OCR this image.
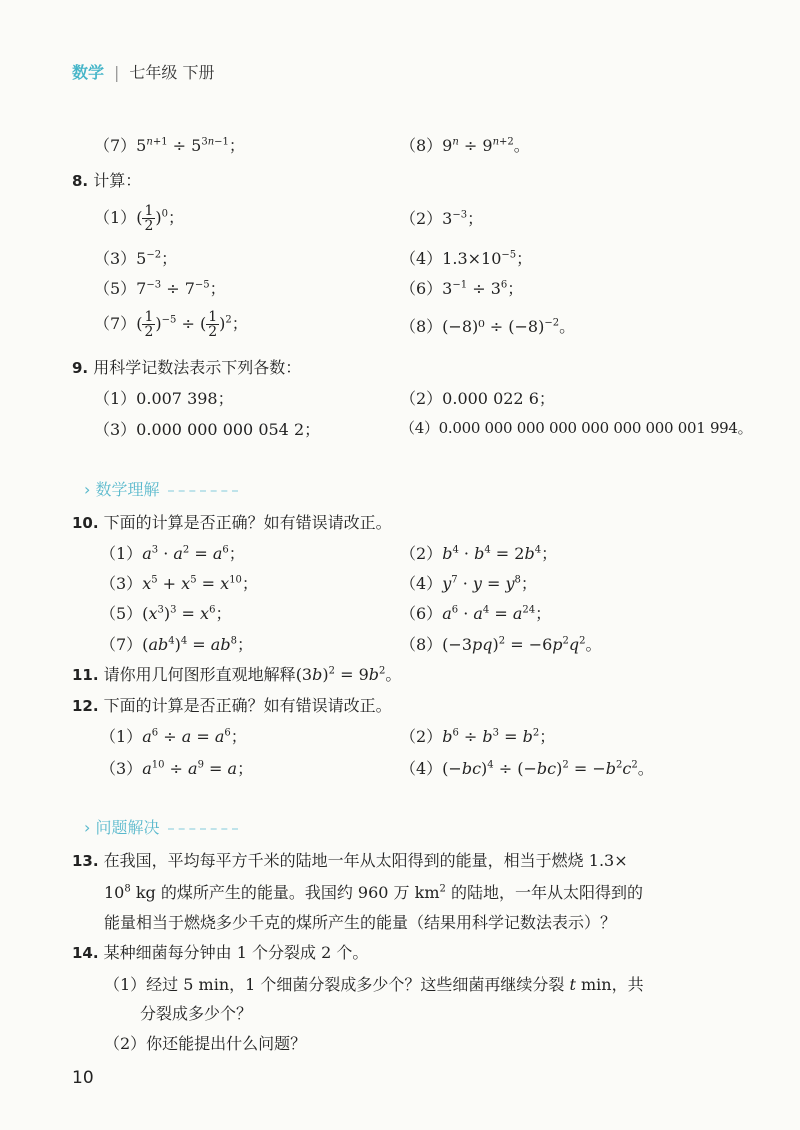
数学 | 七年级 下册
$(7)5^{n+1} \div 5^{3n-1}$；	$(8)9^n \div 9^{n+2}$。
8. 计算：
$(1)( \frac{1}{2} )^0$；	$(2)3^{-3}$；
$(3)5^{-2}$；	$(4)1.3\times 10^{-5}$；
$(5)7^{-3} \div 7^{-5}$；	$(6)3^{-1} \div 3^6$；
$(7)( \frac{1}{2} )^{-5}$ ÷ ( $\frac{1}{2} )^2$；	$(8)(-8)^0 \div (-8)^{-2}$。
9. 用科学记数法表示下列各数：
（1）0.007 398；	（2）0.000 022 6；
（3）0.000 000 000 054 2；	（4）0.000 000 000 000 000 000 000 001 994。
› 数学理解
10. 下面的计算是否正确？如有错误请改正。
$(1)a^3 \cdot a^2 = a^6$；	$(2)b^4 \cdot b^4 = 2b^4$；
$(3)x^5 + x^5 = x^{10}$；	$(4)y^7 \cdot y = y^8$；
$(5)(x^3)^3 = x^6$；	$(6)a^6 \cdot a^4 = a^{24}$；
$(7)(ab^4)^4 = ab^8$；	$(8)(-3pq)^2 = -6p^2q^2$。
11. 请你用几何图形直观地解释$(3b)^2 = 9b^2$。
12. 下面的计算是否正确？如有错误请改正。
$(1)a^6 \div a = a^6$；	$(2)b^6 \div b^3 = b^2$；
$(3)a^{10} \div a^9 = a$；	$(4)(-bc)^4 \div (-bc)^2 = -b^2c^2$。
› 问题解决
13. 在我国，平均每平方千米的陆地一年从太阳得到的能量，相当于燃烧 1.3×
$10^8$ kg 的煤所产生的能量。我国约 960 万 $km^2$ 的陆地，一年从太阳得到的
能量相当于燃烧多少千克的煤所产生的能量（结果用科学记数法表示）？
14. 某种细菌每分钟由 1 个分裂成 2 个。
（1）经过 5 min，1 个细菌分裂成多少个？这些细菌再继续分裂 t min，共
分裂成多少个？
（2）你还能提出什么问题？
10
